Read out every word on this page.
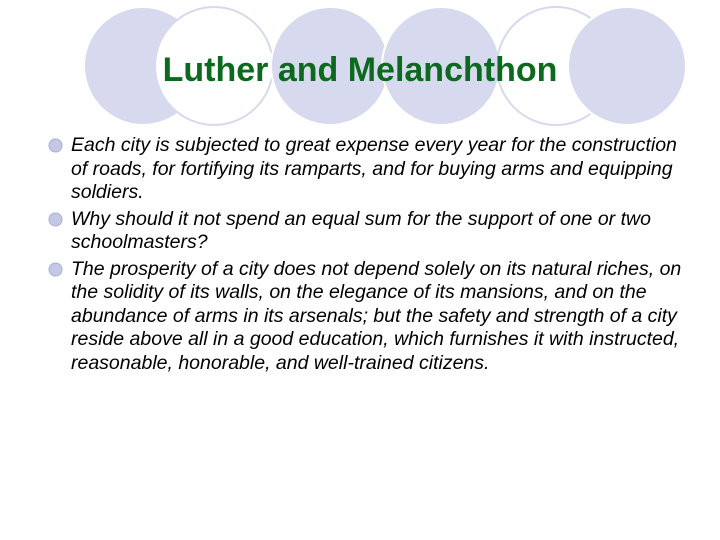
Luther and Melanchthon
Each city is subjected to great expense every year for the construction of roads, for fortifying its ramparts, and for buying arms and equipping soldiers.
Why should it not spend an equal sum for the support of one or two schoolmasters?
The prosperity of a city does not depend solely on its natural riches, on the solidity of its walls, on the elegance of its mansions, and on the abundance of arms in its arsenals; but the safety and strength of a city reside above all in a good education, which furnishes it with instructed, reasonable, honorable, and well-trained citizens.
